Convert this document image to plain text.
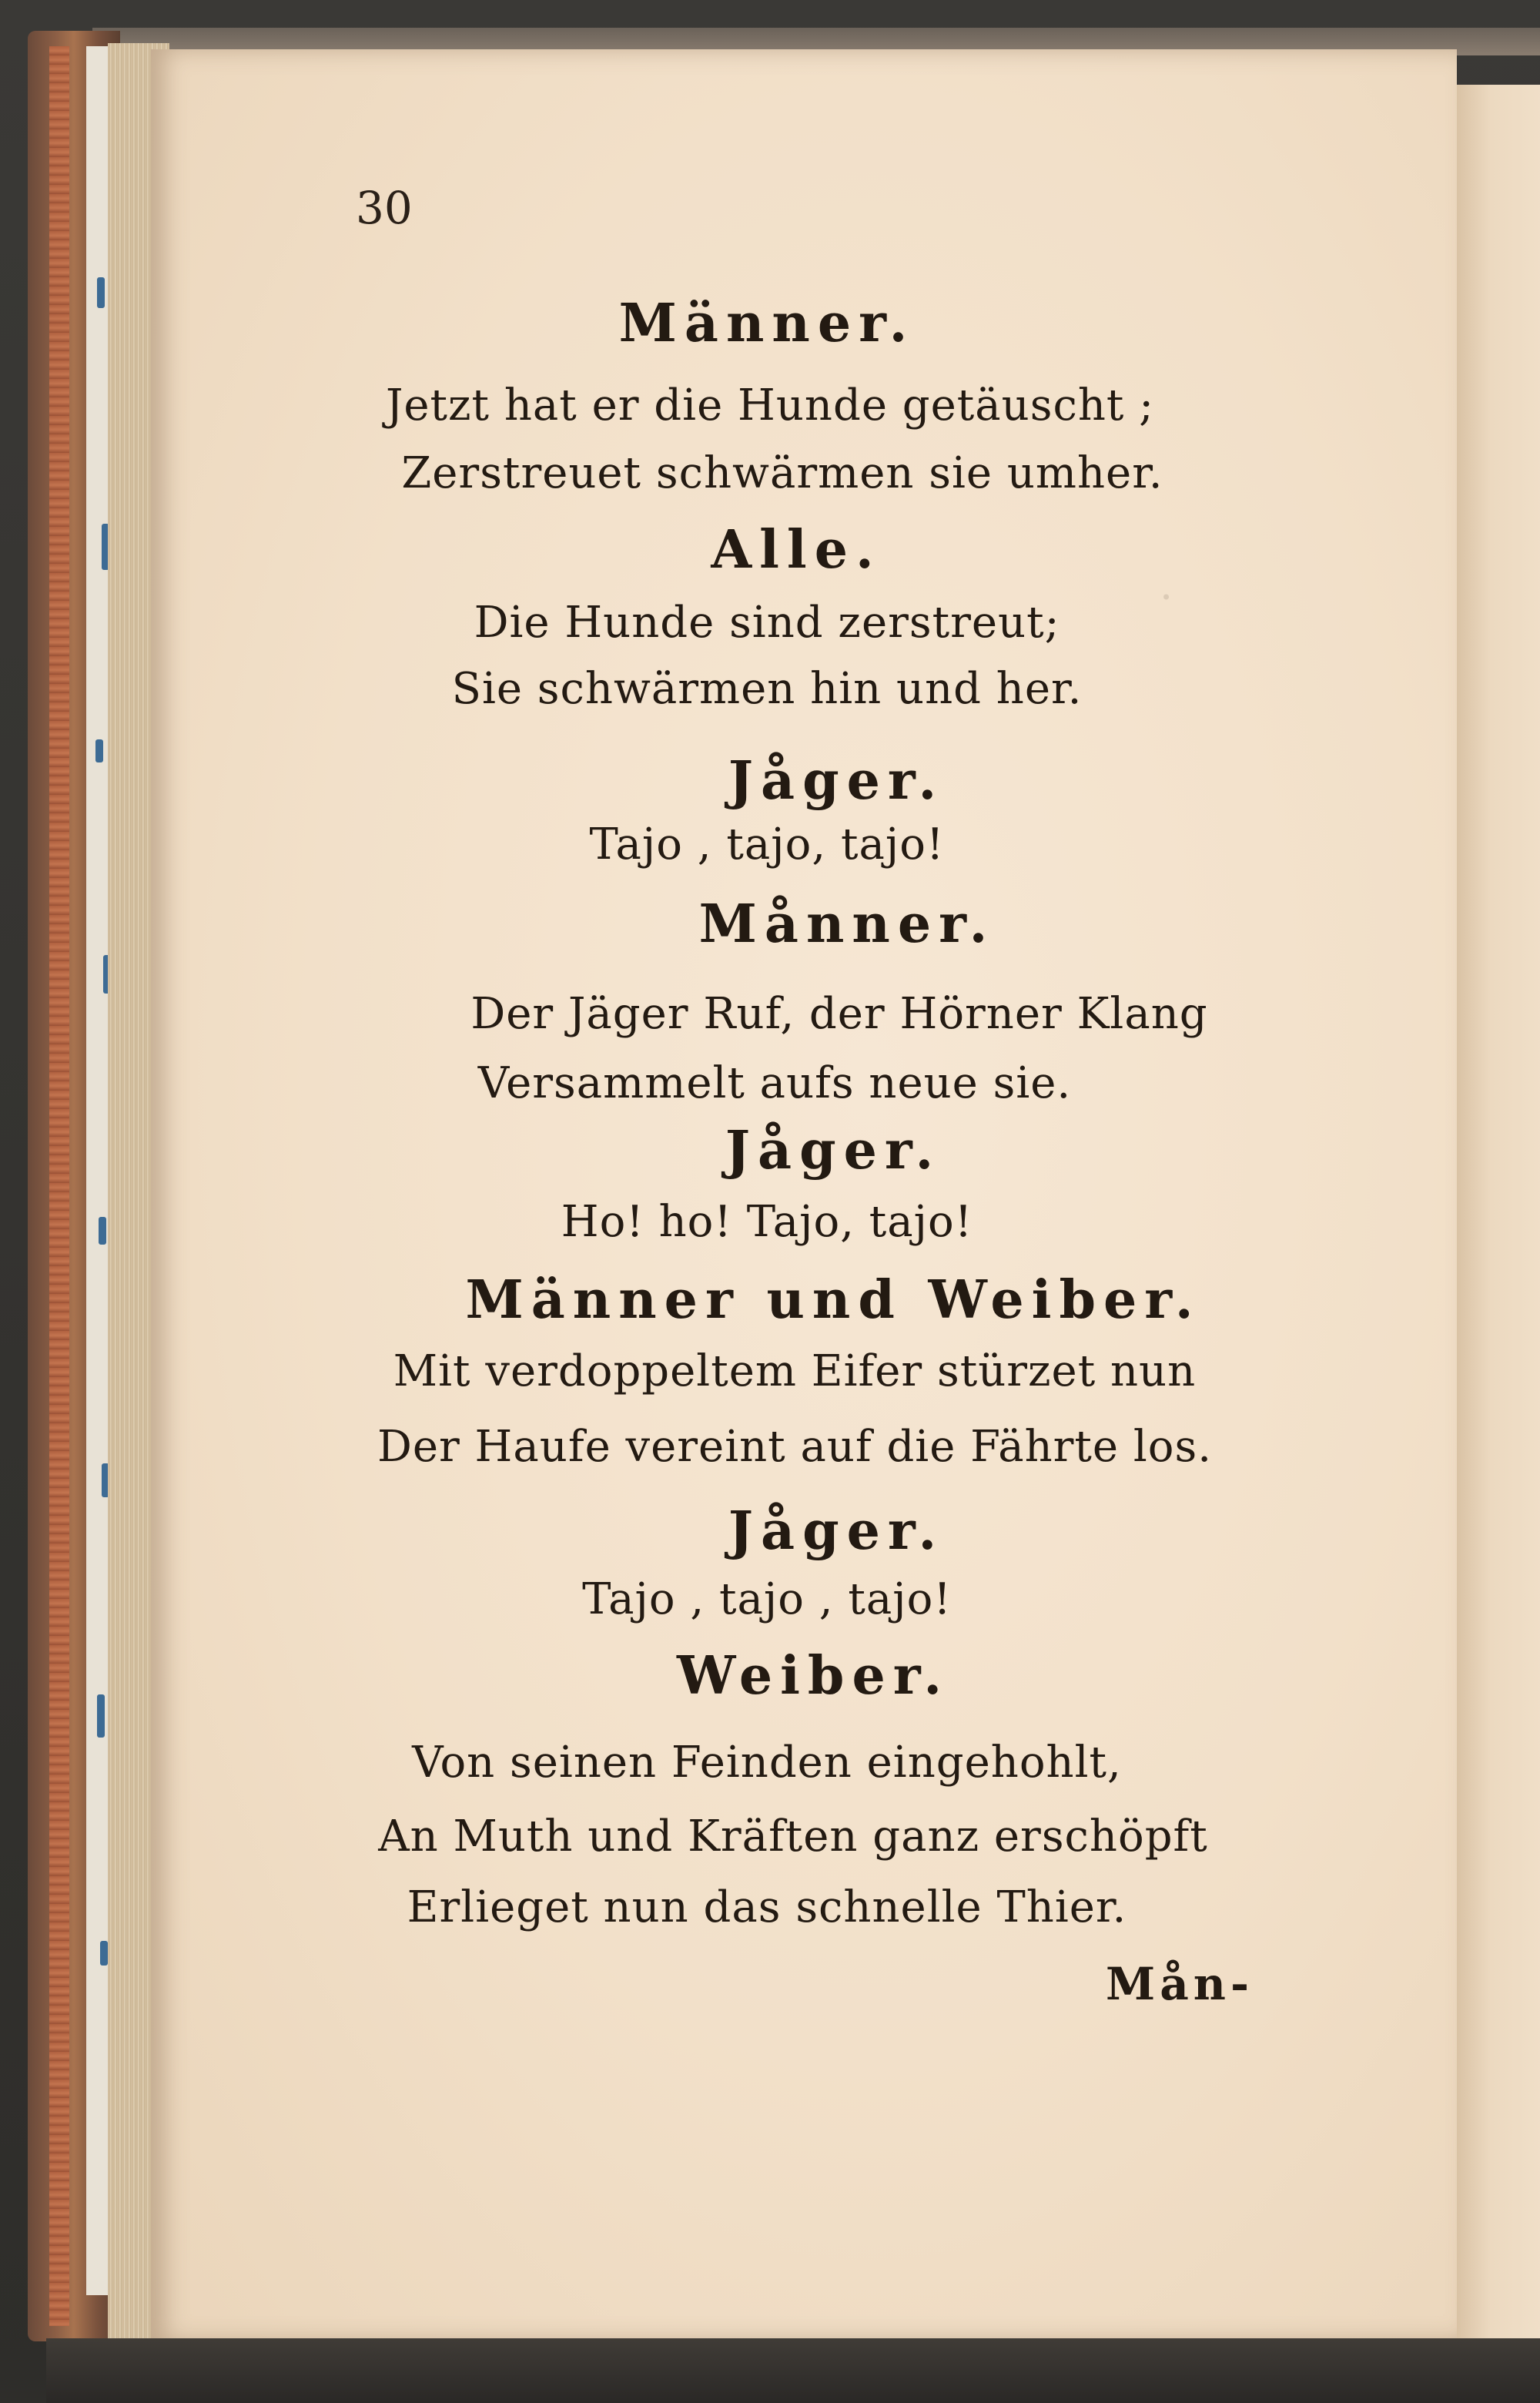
·
30
Männer.
Jetzt hat er die Hunde getäuscht ;
Zerstreuet schwärmen sie umher.
Alle.
Die Hunde sind zerstreut;
Sie schwärmen hin und her.
Jåger.
Tajo , tajo, tajo!
Månner.
Der Jäger Ruf, der Hörner Klang
Versammelt aufs neue sie.
Jåger.
Ho! ho! Tajo, tajo!
Männer und Weiber.
Mit verdoppeltem Eifer stürzet nun
Der Haufe vereint auf die Fährte los.
Jåger.
Tajo , tajo , tajo!
Weiber.
Von seinen Feinden eingehohlt,
An Muth und Kräften ganz erschöpft
Erlieget nun das schnelle Thier.
Mån-
